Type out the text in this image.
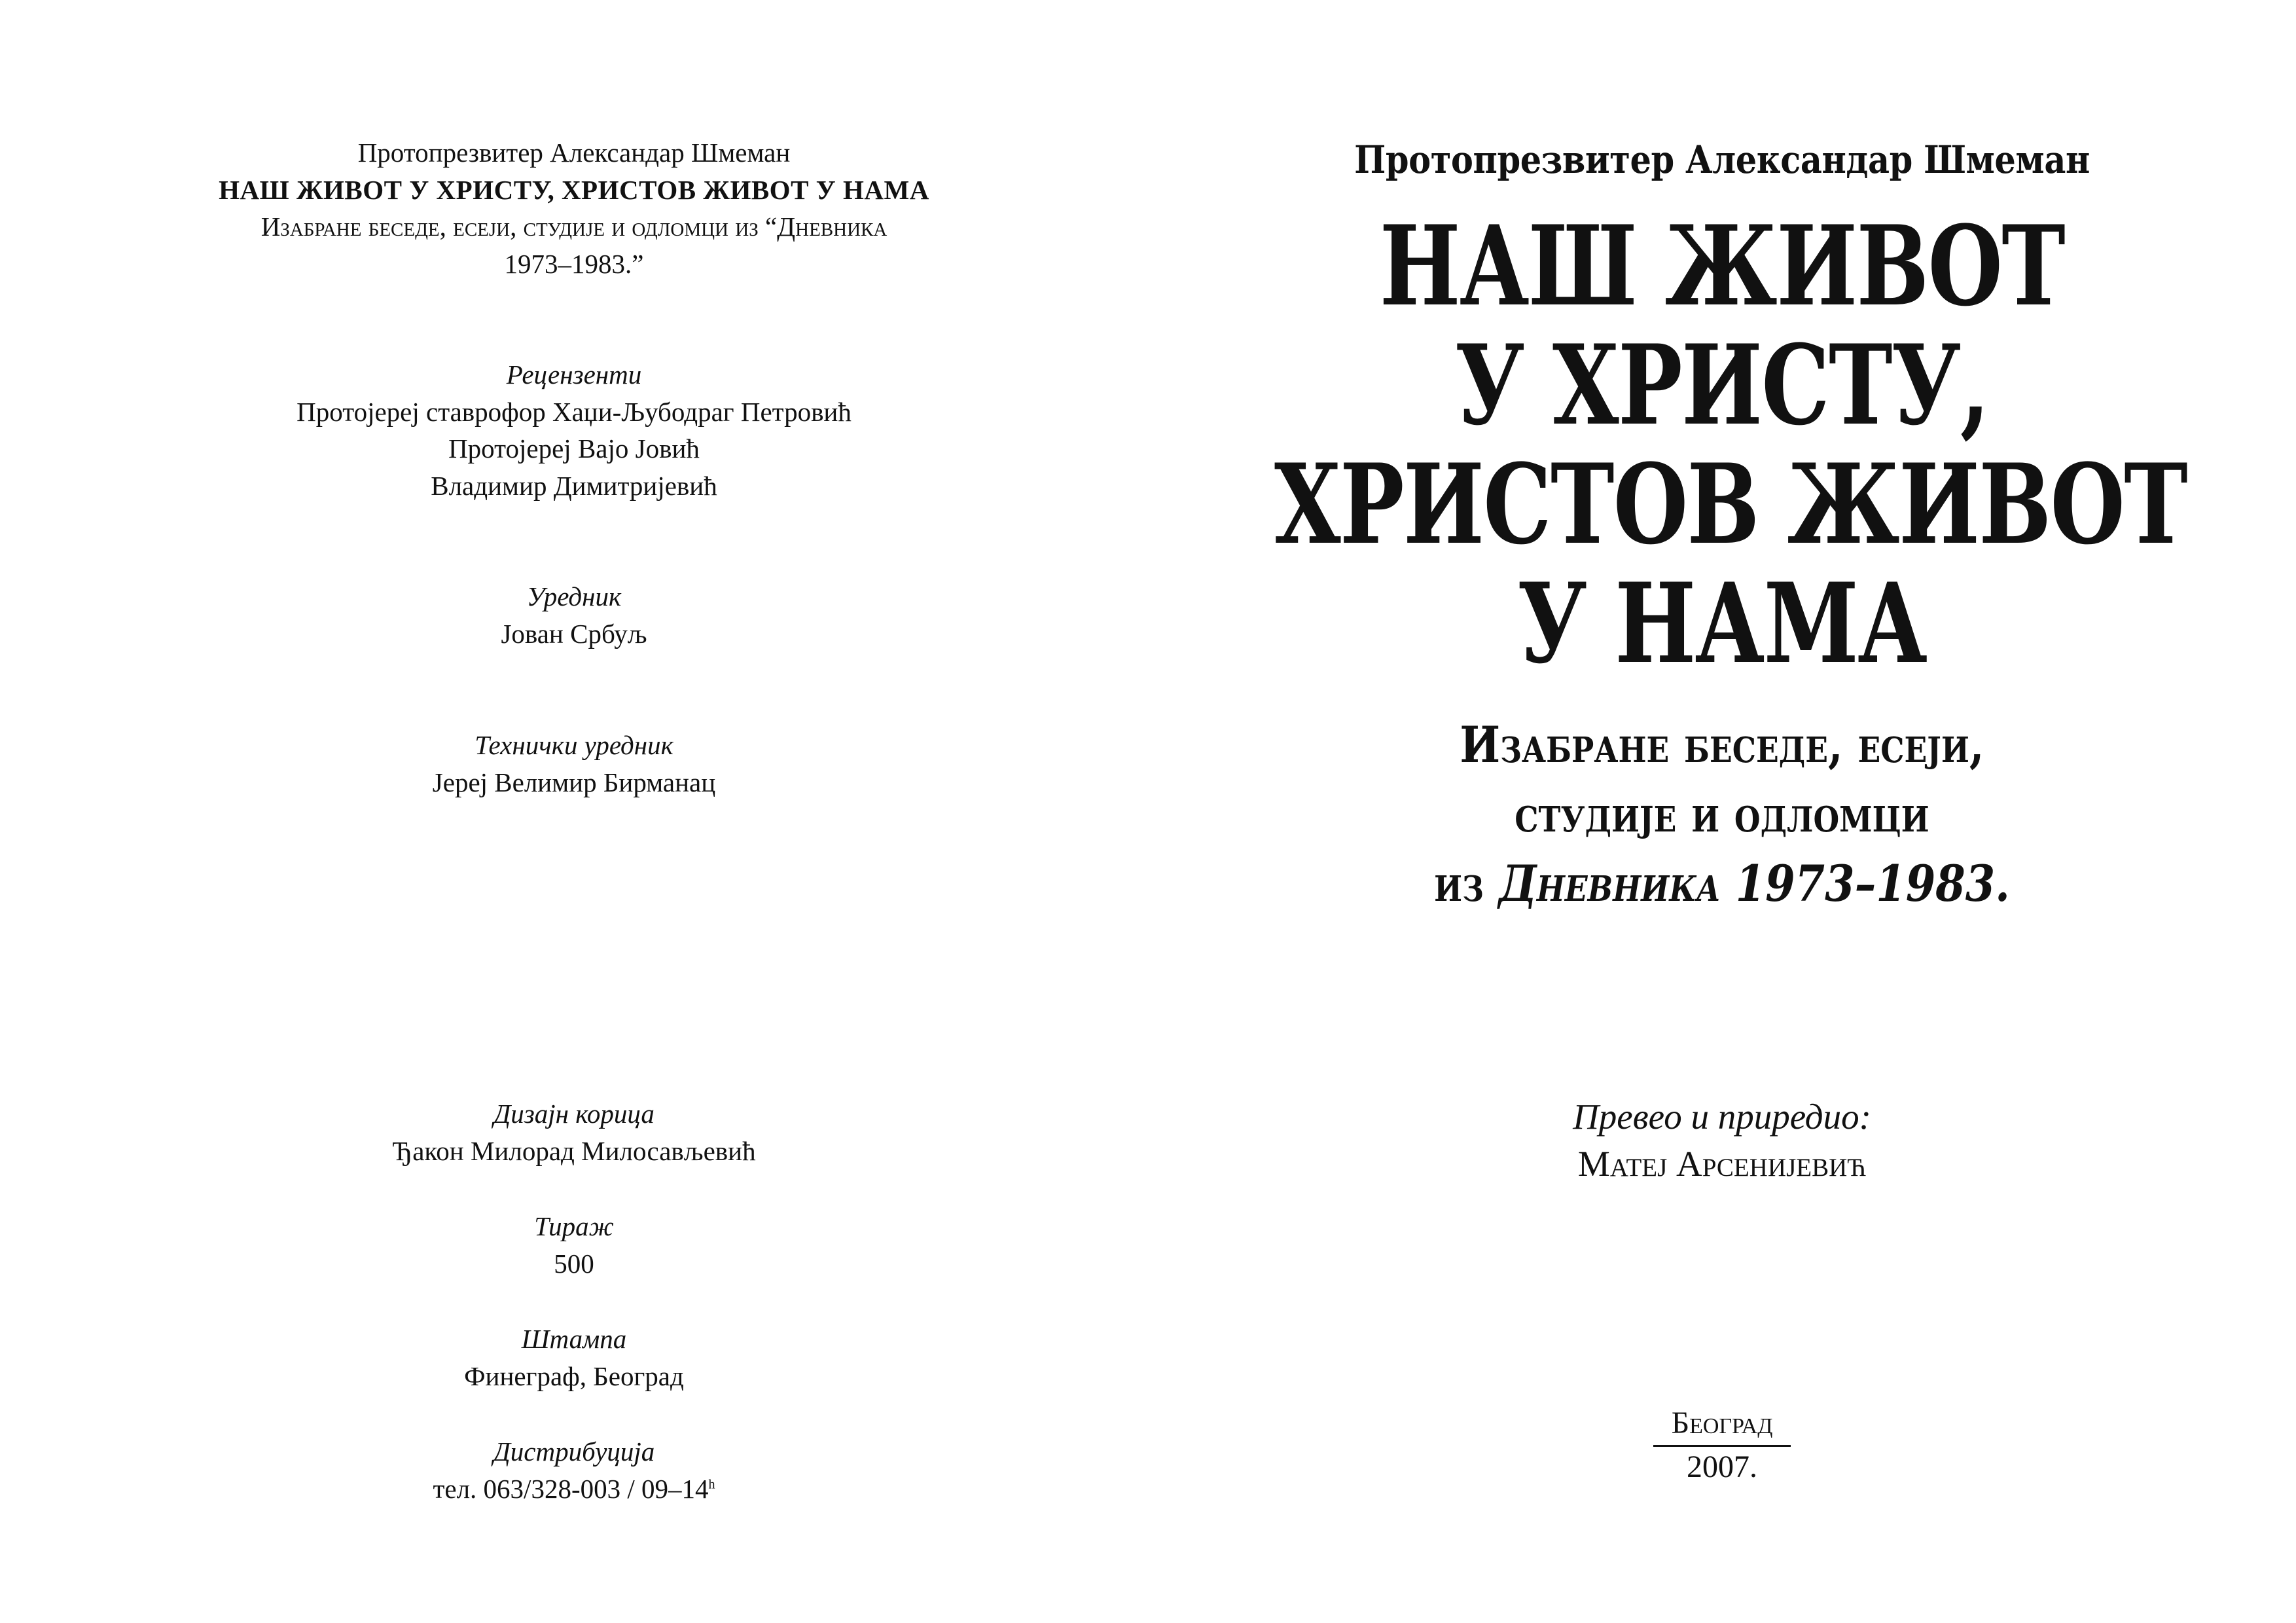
Протопрезвитер Александар Шмеман
НАШ ЖИВОТ У ХРИСТУ, ХРИСТОВ ЖИВОТ У НАМА
Изабране беседе, есеји, студије и одломци из “Дневника
1973–1983.”
Рецензенти
Протојереј ставрофор Хаџи-Љубодраг Петровић
Протојереј Вајо Јовић
Владимир Димитријевић
Уредник
Јован Србуљ
Технички уредник
Јереј Велимир Бирманац
Дизајн корица
Ђакон Милорад Милосављевић
Тираж
500
Штампа
Финеграф, Београд
Дистрибуција
тел. 063/328-003 / 09–14$^h$
Протопрезвитер Александар Шмеман
НАШ ЖИВОТ
У ХРИСТУ,
ХРИСТОВ ЖИВОТ
У НАМА
Изабране беседе, есеји,
студије и одломци
из Дневника 1973–1983.
Превео и приредио:
Матеј Арсенијевић
Београд
2007.
